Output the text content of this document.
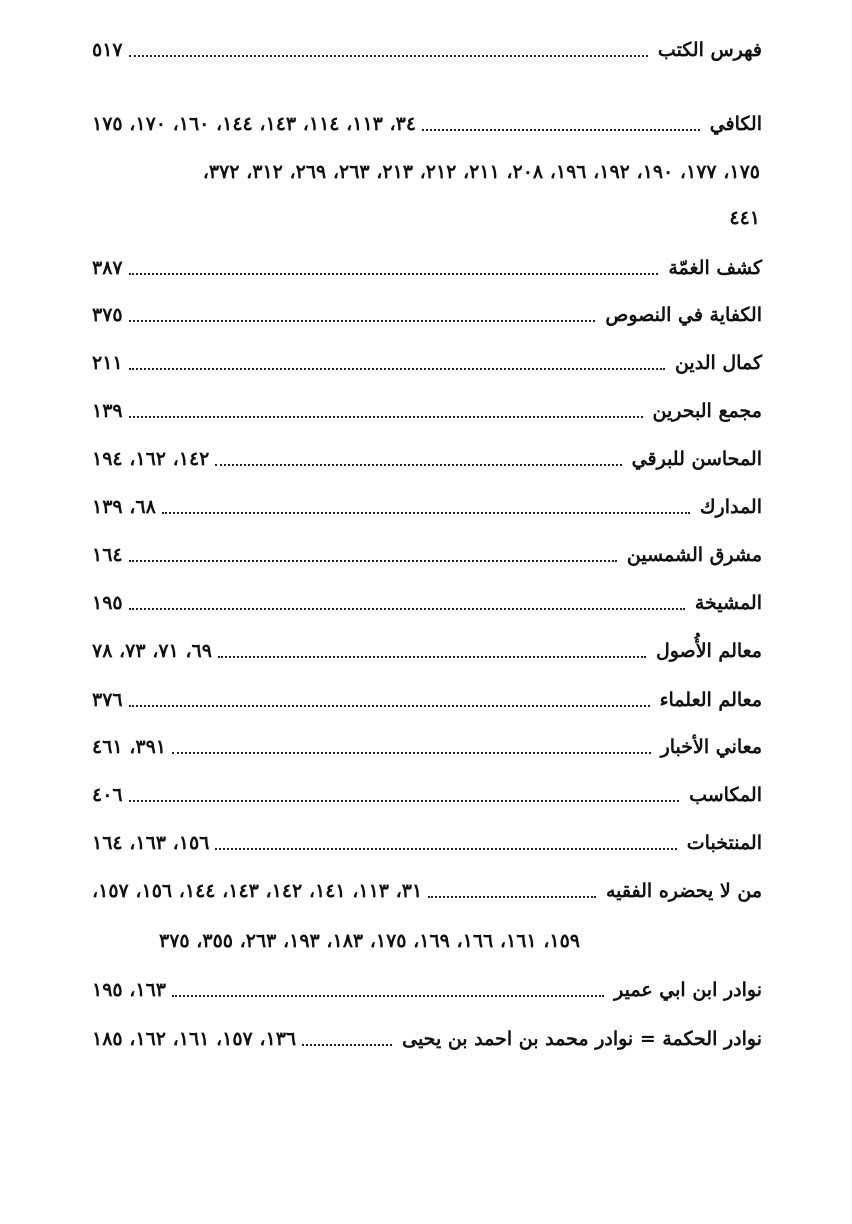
فهرس الكتب
٥١٧
الكافي
٣٤، ١١٣، ١١٤، ١٤٣، ١٤٤، ١٦٠، ١٧٠، ١٧٥
١٧٥، ١٧٧، ١٩٠، ١٩٢، ١٩٦، ٢٠٨، ٢١١، ٢١٢، ٢١٣، ٢٦٣، ٢٦٩، ٣١٢، ٣٧٢،
٤٤١
كشف الغمّة
٣٨٧
الكفاية في النصوص
٣٧٥
كمال الدين
٢١١
مجمع البحرين
١٣٩
المحاسن للبرقي
١٤٢، ١٦٢، ١٩٤
المدارك
٦٨، ١٣٩
مشرق الشمسين
١٦٤
المشيخة
١٩٥
معالم الأُصول
٦٩، ٧١، ٧٣، ٧٨
معالم العلماء
٣٧٦
معاني الأخبار
٣٩١، ٤٦١
المكاسب
٤٠٦
المنتخبات
١٥٦، ١٦٣، ١٦٤
من لا يحضره الفقيه
٣١، ١١٣، ١٤١، ١٤٢، ١٤٣، ١٤٤، ١٥٦، ١٥٧،
١٥٩، ١٦١، ١٦٦، ١٦٩، ١٧٥، ١٨٣، ١٩٣، ٢٦٣، ٣٥٥، ٣٧٥
نوادر ابن ابي عمير
١٦٣، ١٩٥
نوادر الحكمة = نوادر محمد بن احمد بن يحيى
١٣٦، ١٥٧، ١٦١، ١٦٢، ١٨٥
